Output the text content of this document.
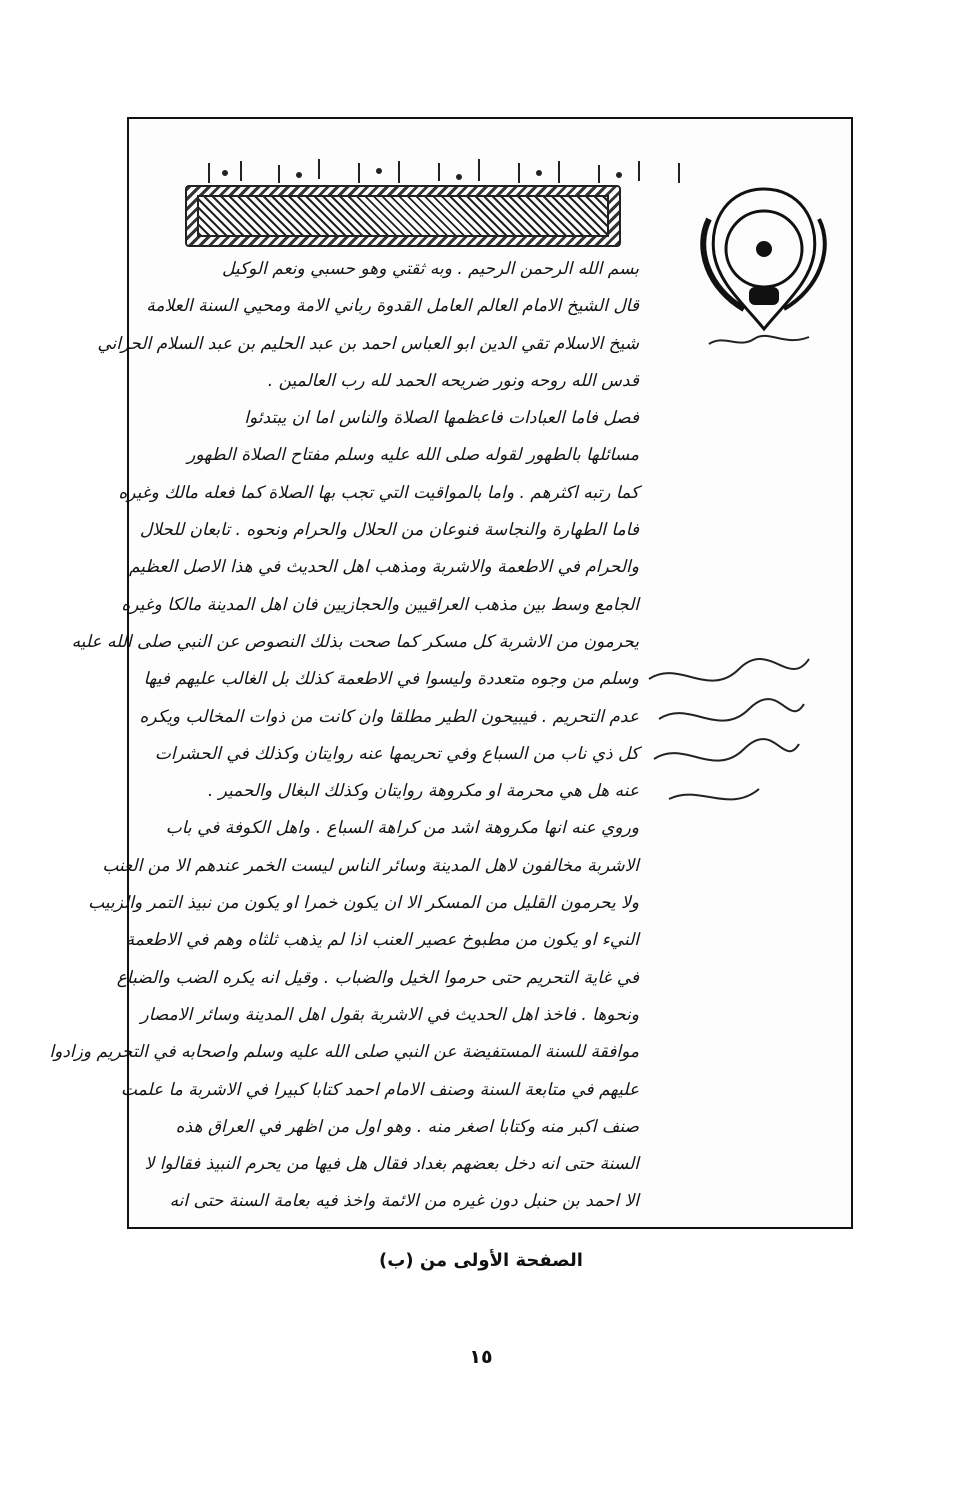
بسم الله الرحمن الرحيم . وبه ثقتي وهو حسبي ونعم الوكيل
قال الشيخ الامام العالم العامل القدوة رباني الامة ومحيي السنة العلامة
شيخ الاسلام تقي الدين ابو العباس احمد بن عبد الحليم بن عبد السلام الحراني
قدس الله روحه ونور ضريحه الحمد لله رب العالمين .
فصل فاما العبادات فاعظمها الصلاة والناس اما ان يبتدئوا
مسائلها بالطهور لقوله صلى الله عليه وسلم مفتاح الصلاة الطهور
كما رتبه اكثرهم . واما بالمواقيت التي تجب بها الصلاة كما فعله مالك وغيره
فاما الطهارة والنجاسة فنوعان من الحلال والحرام ونحوه . تابعان للحلال
والحرام في الاطعمة والاشربة ومذهب اهل الحديث في هذا الاصل العظيم
الجامع وسط بين مذهب العراقيين والحجازيين فان اهل المدينة مالكا وغيره
يحرمون من الاشربة كل مسكر كما صحت بذلك النصوص عن النبي صلى الله عليه
وسلم من وجوه متعددة وليسوا في الاطعمة كذلك بل الغالب عليهم فيها
عدم التحريم . فيبيحون الطير مطلقا وان كانت من ذوات المخالب ويكره
كل ذي ناب من السباع وفي تحريمها عنه روايتان وكذلك في الحشرات
عنه هل هي محرمة او مكروهة روايتان وكذلك البغال والحمير .
وروي عنه انها مكروهة اشد من كراهة السباع . واهل الكوفة في باب
الاشربة مخالفون لاهل المدينة وسائر الناس ليست الخمر عندهم الا من العنب
ولا يحرمون القليل من المسكر الا ان يكون خمرا او يكون من نبيذ التمر والزبيب
النيء او يكون من مطبوخ عصير العنب اذا لم يذهب ثلثاه وهم في الاطعمة
في غاية التحريم حتى حرموا الخيل والضباب . وقيل انه يكره الضب والضباع
ونحوها . فاخذ اهل الحديث في الاشربة بقول اهل المدينة وسائر الامصار
موافقة للسنة المستفيضة عن النبي صلى الله عليه وسلم واصحابه في التحريم وزادوا
عليهم في متابعة السنة وصنف الامام احمد كتابا كبيرا في الاشربة ما علمت
صنف اكبر منه وكتابا اصغر منه . وهو اول من اظهر في العراق هذه
السنة حتى انه دخل بعضهم بغداد فقال هل فيها من يحرم النبيذ فقالوا لا
الا احمد بن حنبل دون غيره من الائمة واخذ فيه بعامة السنة حتى انه
الصفحة الأولى من (ب)
١٥
